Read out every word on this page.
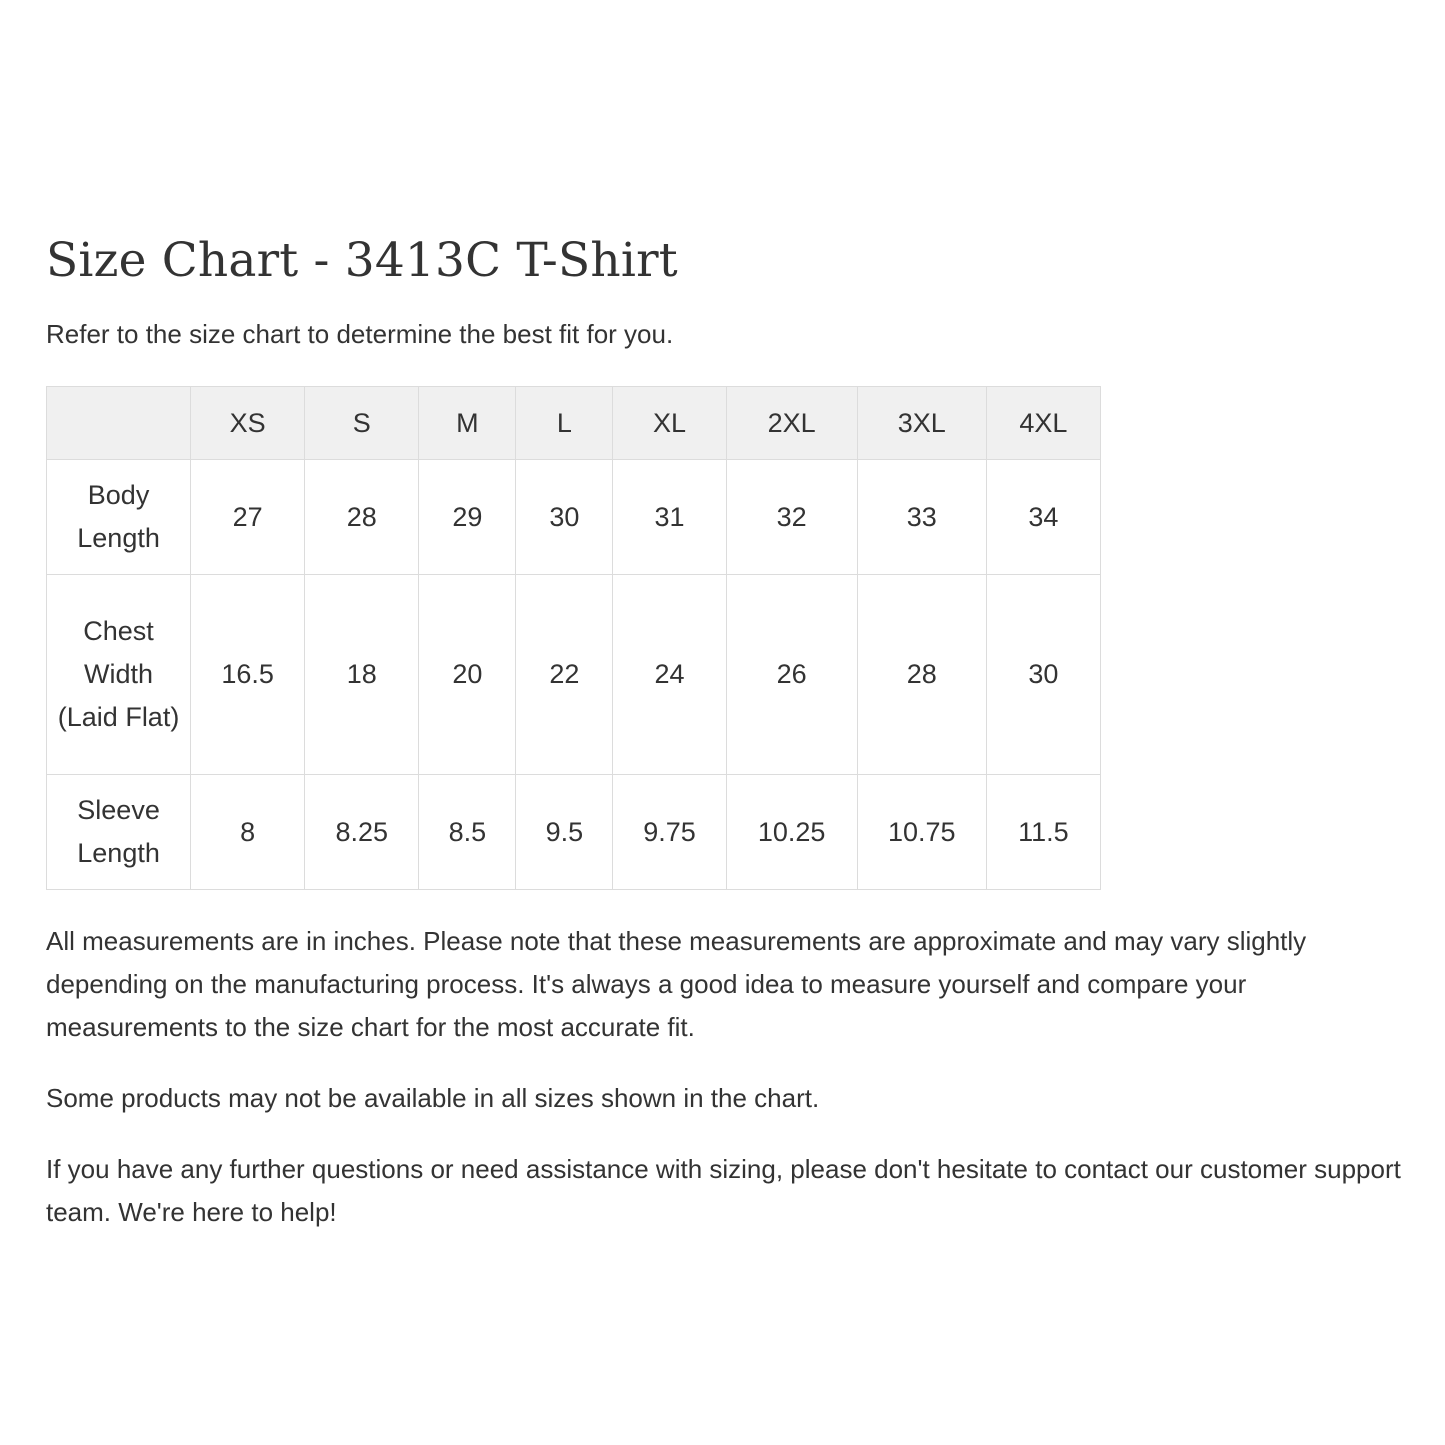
Size Chart - 3413C T-Shirt

Refer to the size chart to determine the best fit for you.

	XS	S	M	L	XL	2XL	3XL	4XL
Body Length	27	28	29	30	31	32	33	34
Chest Width (Laid Flat)	16.5	18	20	22	24	26	28	30
Sleeve Length	8	8.25	8.5	9.5	9.75	10.25	10.75	11.5

All measurements are in inches. Please note that these measurements are approximate and may vary slightly depending on the manufacturing process. It's always a good idea to measure yourself and compare your measurements to the size chart for the most accurate fit.

Some products may not be available in all sizes shown in the chart.

If you have any further questions or need assistance with sizing, please don't hesitate to contact our customer support team. We're here to help!
